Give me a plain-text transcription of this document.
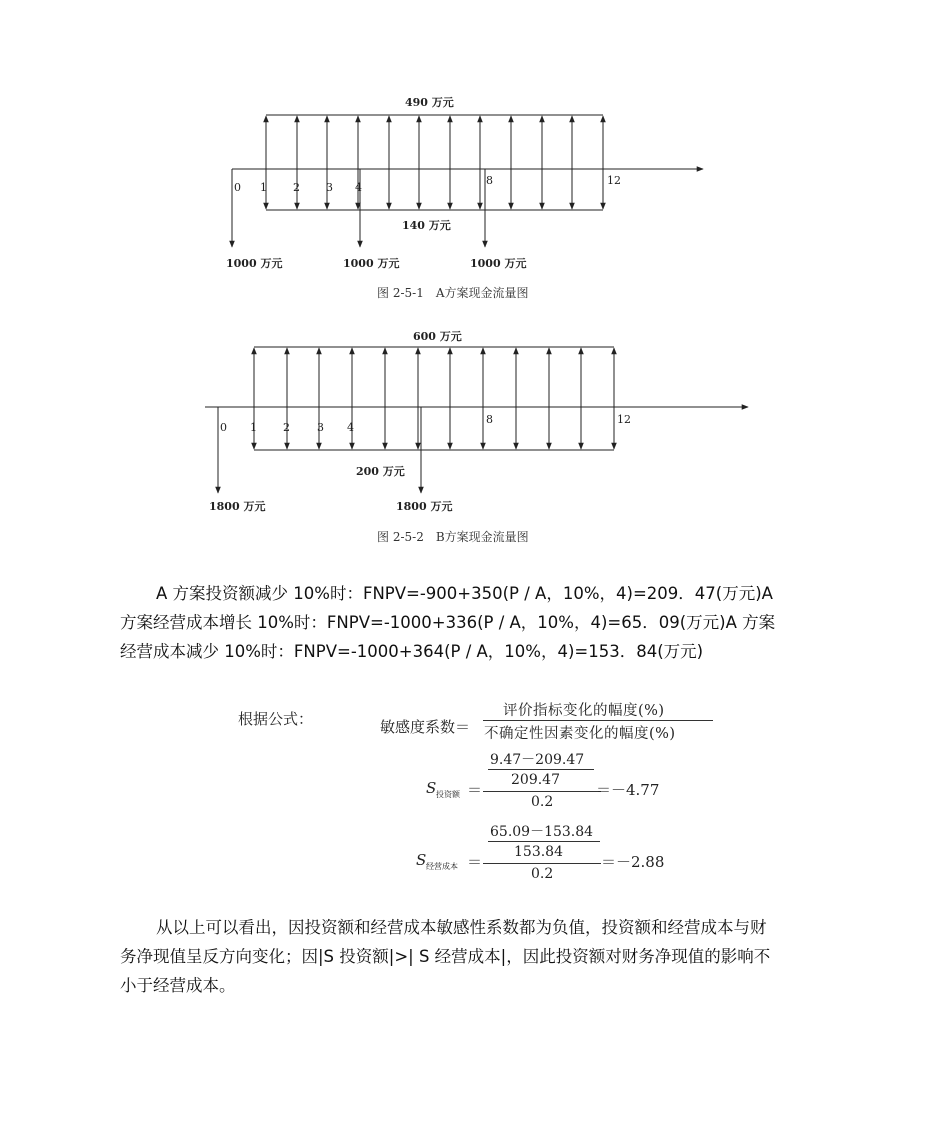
490 万元
140 万元
0 1 2 3 4
8	12
1000 万元	1000 万元	1000 万元
图 2-5-1　A方案现金流量图
600 万元
200 万元
0 1 2 3 4
8	12
1800 万元	1800 万元
图 2-5-2　B方案现金流量图

A 方案投资额减少 10%时：FNPV=-900+350(P / A，10%，4)=209．47(万元)A

方案经营成本增长 10%时：FNPV=-1000+336(P / A，10%，4)=65．09(万元)A 方案

经营成本减少 10%时：FNPV=-1000+364(P / A，10%，4)=153．84(万元)

根据公式：	敏感度系数＝
评价指标变化的幅度(%)
不确定性因素变化的幅度(%)
9.47－209.47
209.47
S 投资额 ＝	＝－4.77
0.2
65.09－153.84
153.84
S 经营成本 ＝	＝－2.88
0.2

从以上可以看出，因投资额和经营成本敏感性系数都为负值，投资额和经营成本与财

务净现值呈反方向变化；因|S 投资额|>| S 经营成本|，因此投资额对财务净现值的影响不

小于经营成本。
